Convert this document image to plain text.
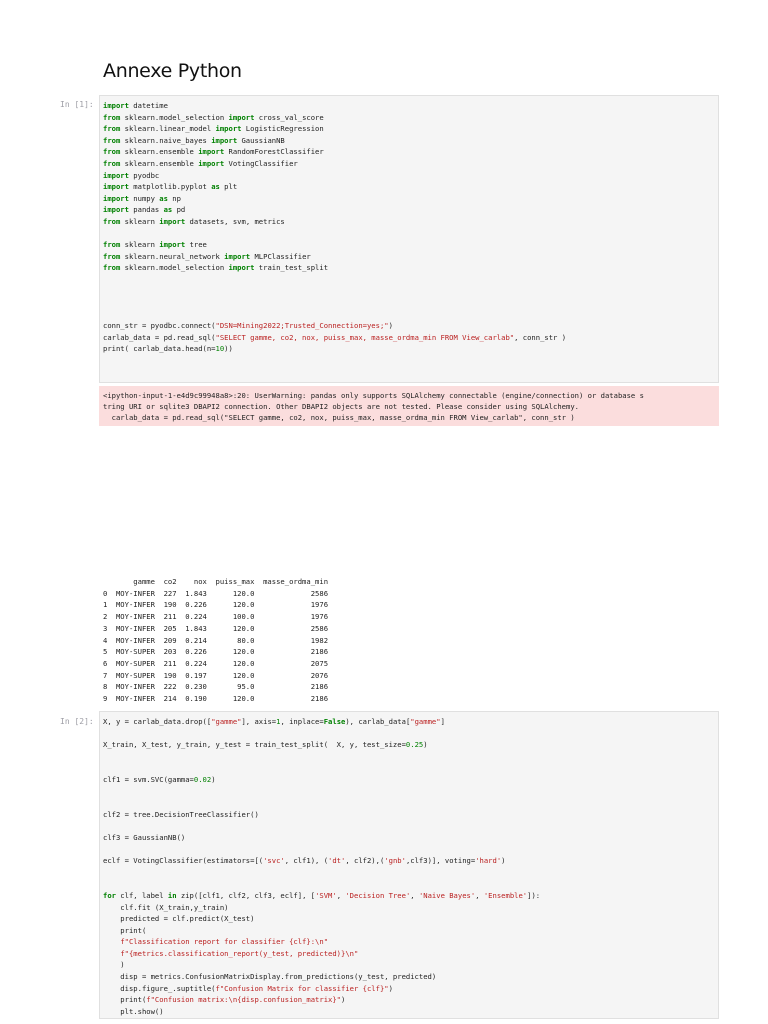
Annexe Python
In [1]: import datetime
from sklearn.model_selection import cross_val_score
from sklearn.linear_model import LogisticRegression
from sklearn.naive_bayes import GaussianNB
from sklearn.ensemble import RandomForestClassifier
from sklearn.ensemble import VotingClassifier
import pyodbc
import matplotlib.pyplot as plt
import numpy as np
import pandas as pd
from sklearn import datasets, svm, metrics

from sklearn import tree
from sklearn.neural_network import MLPClassifier
from sklearn.model_selection import train_test_split

conn_str = pyodbc.connect("DSN=Mining2022;Trusted_Connection=yes;")
carlab_data = pd.read_sql("SELECT gamme, co2, nox, puiss_max, masse_ordma_min FROM View_carlab", conn_str )
print( carlab_data.head(n=10))
<ipython-input-1-e4d9c99948a8>:20: UserWarning: pandas only supports SQLAlchemy connectable (engine/connection) or database s
tring URI or sqlite3 DBAPI2 connection. Other DBAPI2 objects are not tested. Please consider using SQLAlchemy.
carlab_data = pd.read_sql("SELECT gamme, co2, nox, puiss_max, masse_ordma_min FROM View_carlab", conn_str )
gamme  co2    nox  puiss_max  masse_ordma_min
0  MOY-INFER  227  1.843      120.0             2586
1  MOY-INFER  190  0.226      120.0             1976
2  MOY-INFER  211  0.224      100.0             1976
3  MOY-INFER  205  1.843      120.0             2586
4  MOY-INFER  209  0.214       80.0             1982
5  MOY-SUPER  203  0.226      120.0             2186
6  MOY-SUPER  211  0.224      120.0             2075
7  MOY-SUPER  190  0.197      120.0             2076
8  MOY-INFER  222  0.230       95.0             2186
9  MOY-INFER  214  0.190      120.0             2186
In [2]: X, y = carlab_data.drop(["gamme"], axis=1, inplace=False), carlab_data["gamme"]

X_train, X_test, y_train, y_test = train_test_split(  X, y, test_size=0.25)

clf1 = svm.SVC(gamma=0.02)

clf2 = tree.DecisionTreeClassifier()

clf3 = GaussianNB()

eclf = VotingClassifier(estimators=[('svc', clf1), ('dt', clf2),('gnb',clf3)], voting='hard')

for clf, label in zip([clf1, clf2, clf3, eclf], ['SVM', 'Decision Tree', 'Naive Bayes', 'Ensemble']):
clf.fit (X_train,y_train)
predicted = clf.predict(X_test)
print(
f"Classification report for classifier {clf}:\n"
f"{metrics.classification_report(y_test, predicted)}\n"
)
disp = metrics.ConfusionMatrixDisplay.from_predictions(y_test, predicted)
disp.figure_.suptitle(f"Confusion Matrix for classifier {clf}")
print(f"Confusion matrix:\n{disp.confusion_matrix}")
plt.show()
